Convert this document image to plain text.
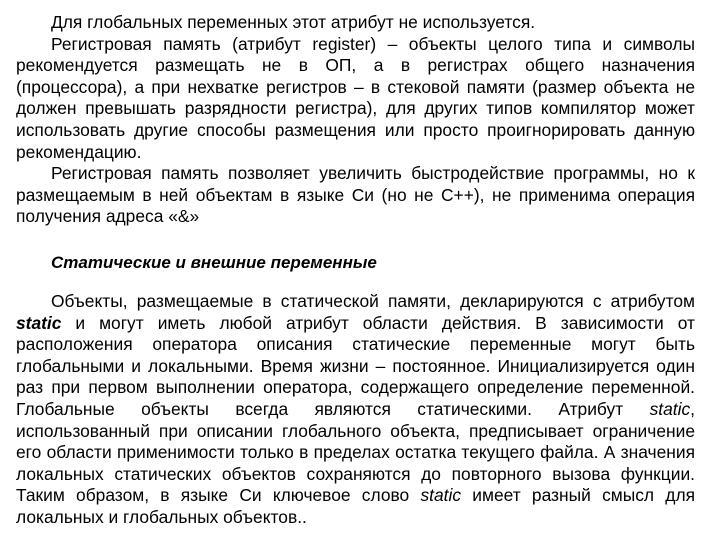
Для глобальных переменных этот атрибут не используется.

Регистровая память (атрибут register) – объекты целого типа и символы рекомендуется размещать не в ОП, а в регистрах общего назначения (процессора), а при нехватке регистров – в стековой памяти (размер объекта не должен превышать разрядности регистра), для других типов компилятор может использовать другие способы размещения или просто проигнорировать данную рекомендацию.

Регистровая память позволяет увеличить быстродействие программы, но к размещаемым в ней объектам в языке Си (но не С++), не применима операция получения адреса «&»

Статические и внешние переменные

Объекты, размещаемые в статической памяти, декларируются с атрибутом static и могут иметь любой атрибут области действия. В зависимости от расположения оператора описания статические переменные могут быть глобальными и локальными. Время жизни – постоянное. Инициализируется один раз при первом выполнении оператора, содержащего определение переменной. Глобальные объекты всегда являются статическими. Атрибут static, использованный при описании глобального объекта, предписывает ограничение его области применимости только в пределах остатка текущего файла. А значения локальных статических объектов сохраняются до повторного вызова функции. Таким образом, в языке Си ключевое слово static имеет разный смысл для локальных и глобальных объектов..
